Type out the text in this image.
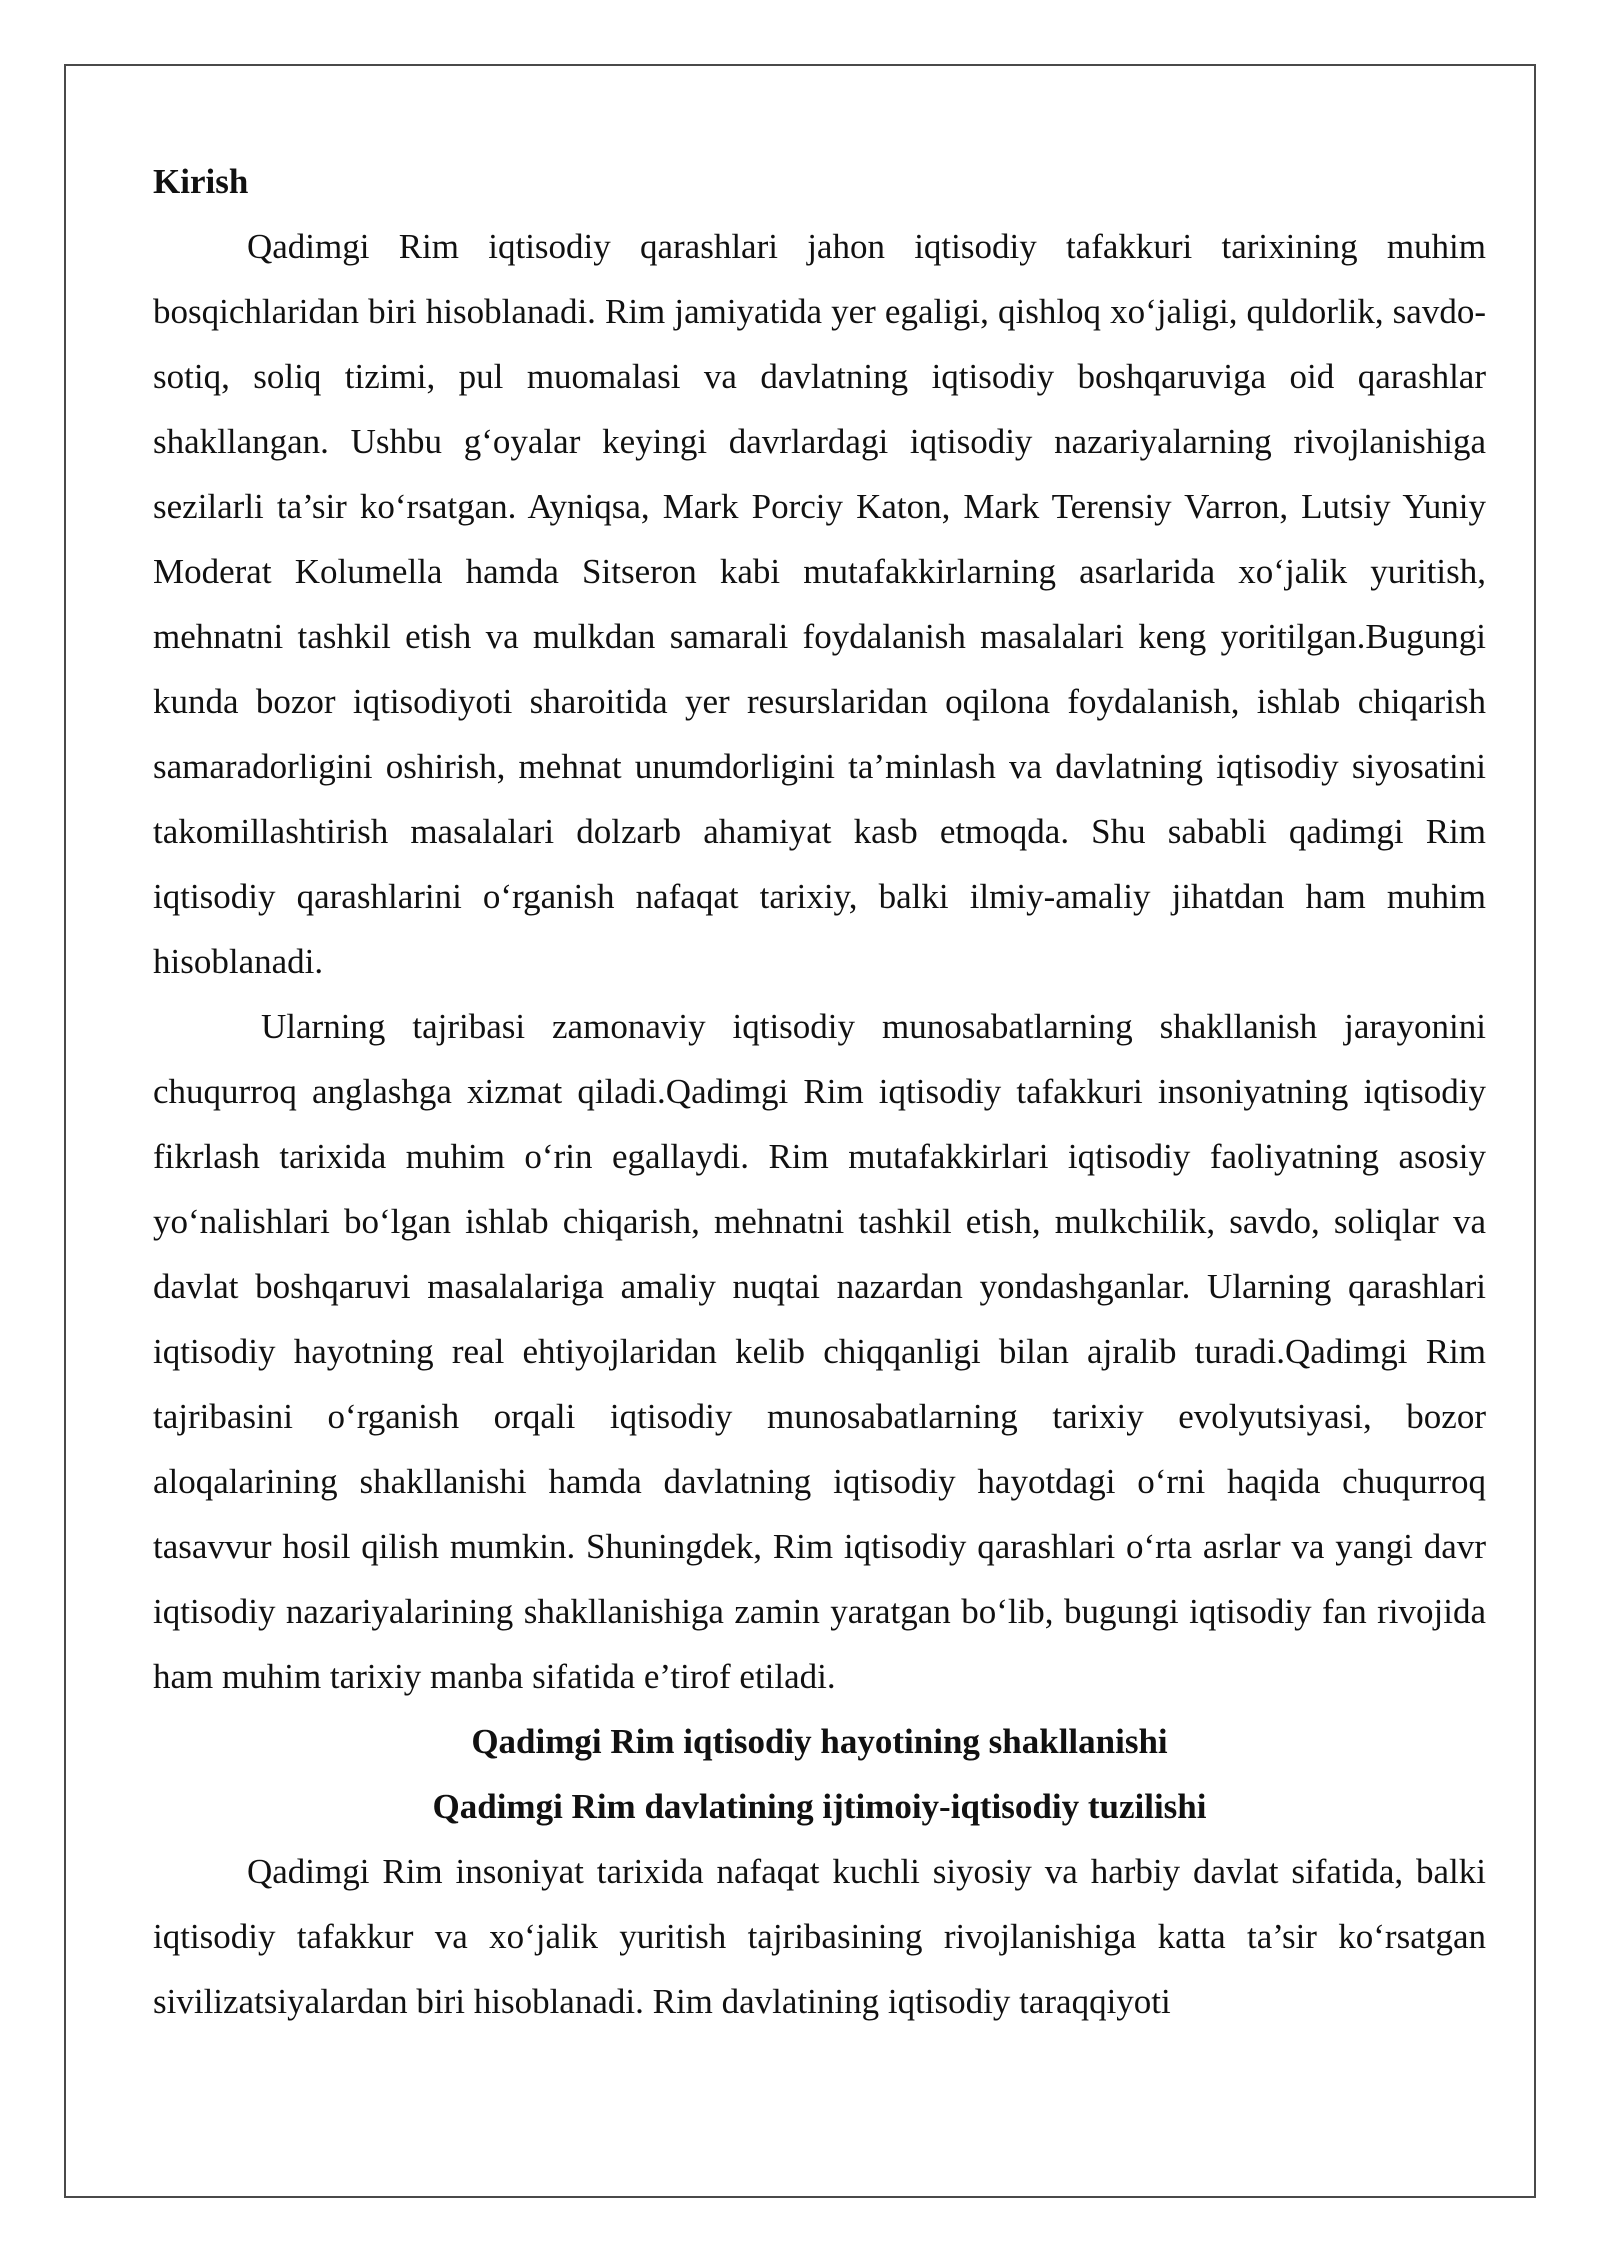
Kirish

Qadimgi Rim iqtisodiy qarashlari jahon iqtisodiy tafakkuri tarixining muhim bosqichlaridan biri hisoblanadi. Rim jamiyatida yer egaligi, qishloq xo‘jaligi, quldorlik, savdo-sotiq, soliq tizimi, pul muomalasi va davlatning iqtisodiy boshqaruviga oid qarashlar shakllangan. Ushbu g‘oyalar keyingi davrlardagi iqtisodiy nazariyalarning rivojlanishiga sezilarli ta’sir ko‘rsatgan. Ayniqsa, Mark Porciy Katon, Mark Terensiy Varron, Lutsiy Yuniy Moderat Kolumella hamda Sitseron kabi mutafakkirlarning asarlarida xo‘jalik yuritish, mehnatni tashkil etish va mulkdan samarali foydalanish masalalari keng yoritilgan.Bugungi kunda bozor iqtisodiyoti sharoitida yer resurslaridan oqilona foydalanish, ishlab chiqarish samaradorligini oshirish, mehnat unumdorligini ta’minlash va davlatning iqtisodiy siyosatini takomillashtirish masalalari dolzarb ahamiyat kasb etmoqda. Shu sababli qadimgi Rim iqtisodiy qarashlarini o‘rganish nafaqat tarixiy, balki ilmiy-amaliy jihatdan ham muhim hisoblanadi.

Ularning tajribasi zamonaviy iqtisodiy munosabatlarning shakllanish jarayonini chuqurroq anglashga xizmat qiladi.Qadimgi Rim iqtisodiy tafakkuri insoniyatning iqtisodiy fikrlash tarixida muhim o‘rin egallaydi. Rim mutafakkirlari iqtisodiy faoliyatning asosiy yo‘nalishlari bo‘lgan ishlab chiqarish, mehnatni tashkil etish, mulkchilik, savdo, soliqlar va davlat boshqaruvi masalalariga amaliy nuqtai nazardan yondashganlar. Ularning qarashlari iqtisodiy hayotning real ehtiyojlaridan kelib chiqqanligi bilan ajralib turadi.Qadimgi Rim tajribasini o‘rganish orqali iqtisodiy munosabatlarning tarixiy evolyutsiyasi, bozor aloqalarining shakllanishi hamda davlatning iqtisodiy hayotdagi o‘rni haqida chuqurroq tasavvur hosil qilish mumkin. Shuningdek, Rim iqtisodiy qarashlari o‘rta asrlar va yangi davr iqtisodiy nazariyalarining shakllanishiga zamin yaratgan bo‘lib, bugungi iqtisodiy fan rivojida ham muhim tarixiy manba sifatida e’tirof etiladi.

Qadimgi Rim iqtisodiy hayotining shakllanishi

Qadimgi Rim davlatining ijtimoiy-iqtisodiy tuzilishi

Qadimgi Rim insoniyat tarixida nafaqat kuchli siyosiy va harbiy davlat sifatida, balki iqtisodiy tafakkur va xo‘jalik yuritish tajribasining rivojlanishiga katta ta’sir ko‘rsatgan sivilizatsiyalardan biri hisoblanadi. Rim davlatining iqtisodiy taraqqiyoti
